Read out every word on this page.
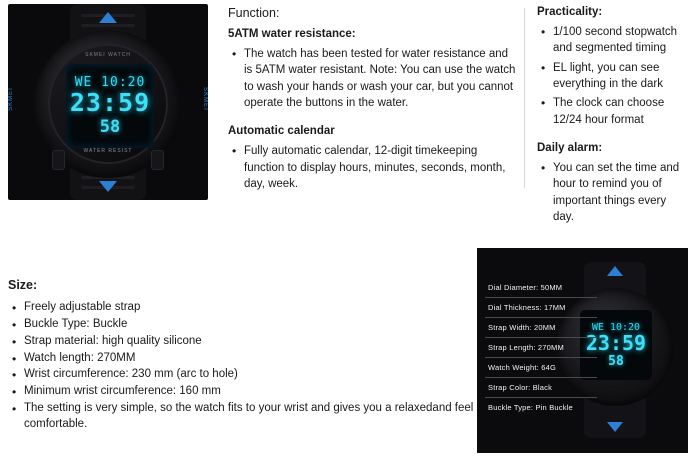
SKMEI WATCH
WE 10:20
23:59
58
WATER RESIST
SKMEI	SKMEI

Function:

5ATM water resistance:

• The watch has been tested for water resistance and is 5ATM water resistant. Note: You can use the watch to wash your hands or wash your car, but you cannot operate the buttons in the water.

Automatic calendar

• Fully automatic calendar, 12-digit timekeeping function to display hours, minutes, seconds, month, day, week.

Practicality:

• 1/100 second stopwatch and segmented timing
• EL light, you can see everything in the dark
• The clock can choose 12/24 hour format

Daily alarm:

• You can set the time and hour to remind you of important things every day.

Size:

• Freely adjustable strap
• Buckle Type: Buckle
• Strap material: high quality silicone
• Watch length: 270MM
• Wrist circumference: 230 mm (arc to hole)
• Minimum wrist circumference: 160 mm
• The setting is very simple, so the watch fits to your wrist and gives you a relaxedand feel comfortable.
WE 10:20
23:59
58
Dial Diameter: 50MM
Dial Thickness: 17MM
Strap Width: 20MM
Strap Length: 270MM
Watch Weight: 64G
Strap Color: Black
Buckle Type: Pin Buckle
